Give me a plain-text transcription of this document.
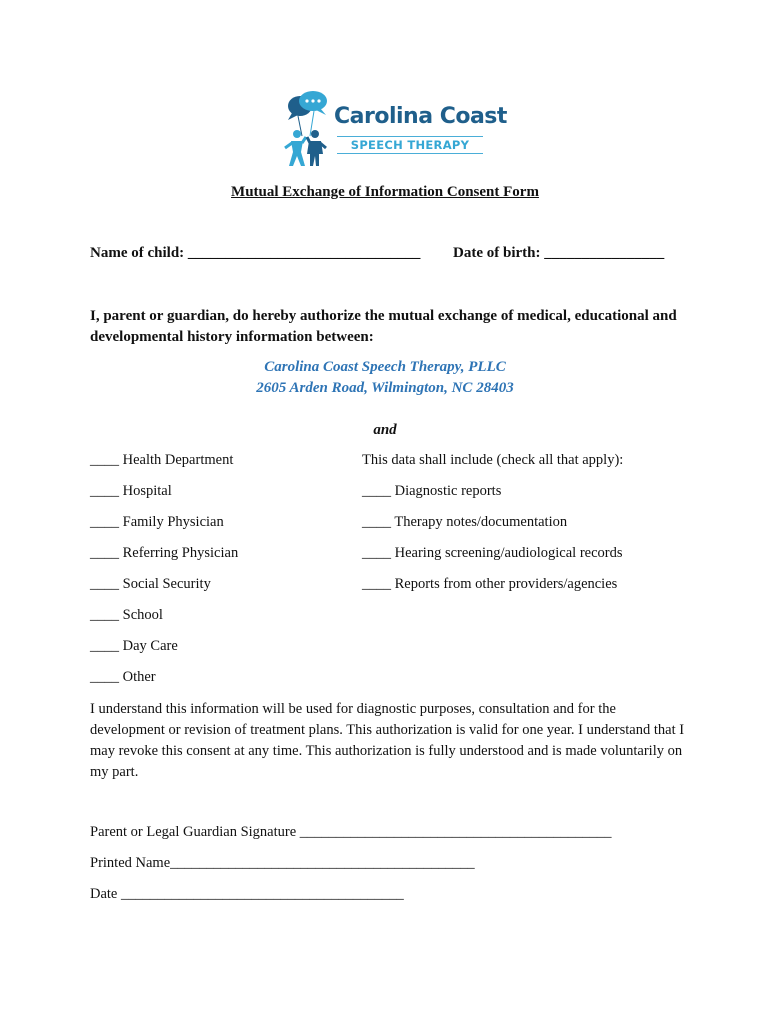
Carolina Coast
SPEECH THERAPY
Mutual Exchange of Information Consent Form
Name of child: _______________________________ Date of birth: ________________
I, parent or guardian, do hereby authorize the mutual exchange of medical, educational and developmental history information between:
Carolina Coast Speech Therapy, PLLC
2605 Arden Road, Wilmington, NC 28403
and
____ Health Department
____ Hospital
____ Family Physician
____ Referring Physician
____ Social Security
____ School
____ Day Care
____ Other
This data shall include (check all that apply):
____ Diagnostic reports
____ Therapy notes/documentation
____ Hearing screening/audiological records
____ Reports from other providers/agencies
I understand this information will be used for diagnostic purposes, consultation and for the development or revision of treatment plans. This authorization is valid for one year. I understand that I may revoke this consent at any time. This authorization is fully understood and is made voluntarily on my part.
Parent or Legal Guardian Signature ___________________________________________
Printed Name__________________________________________
Date _______________________________________
